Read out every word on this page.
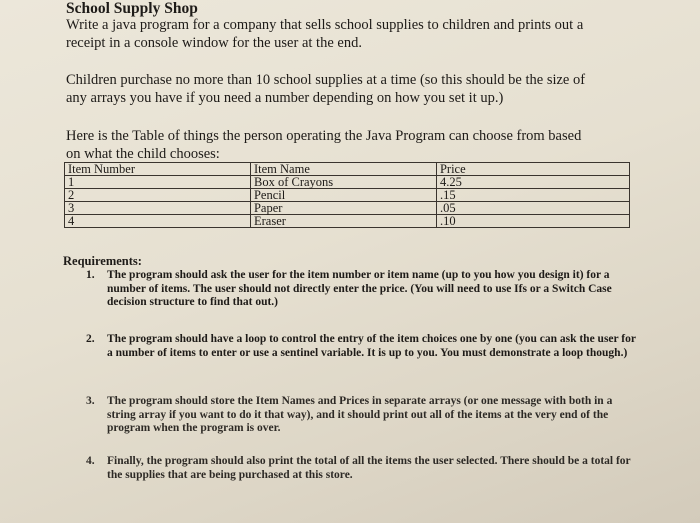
School Supply Shop
Write a java program for a company that sells school supplies to children and prints out a
receipt in a console window for the user at the end.
Children purchase no more than 10 school supplies at a time (so this should be the size of
any arrays you have if you need a number depending on how you set it up.)
Here is the Table of things the person operating the Java Program can choose from based
on what the child chooses:
Item Number	Item Name	Price
1	Box of Crayons	4.25
2	Pencil	.15
3	Paper	.05
4	Eraser	.10
Requirements:
1.	The program should ask the user for the item number or item name (up to you how you design it) for a number of items. The user should not directly enter the price. (You will need to use Ifs or a Switch Case decision structure to find that out.)
2.	The program should have a loop to control the entry of the item choices one by one (you can ask the user for a number of items to enter or use a sentinel variable. It is up to you. You must demonstrate a loop though.)
3.	The program should store the Item Names and Prices in separate arrays (or one message with both in a string array if you want to do it that way), and it should print out all of the items at the very end of the program when the program is over.
4.	Finally, the program should also print the total of all the items the user selected. There should be a total for the supplies that are being purchased at this store.
